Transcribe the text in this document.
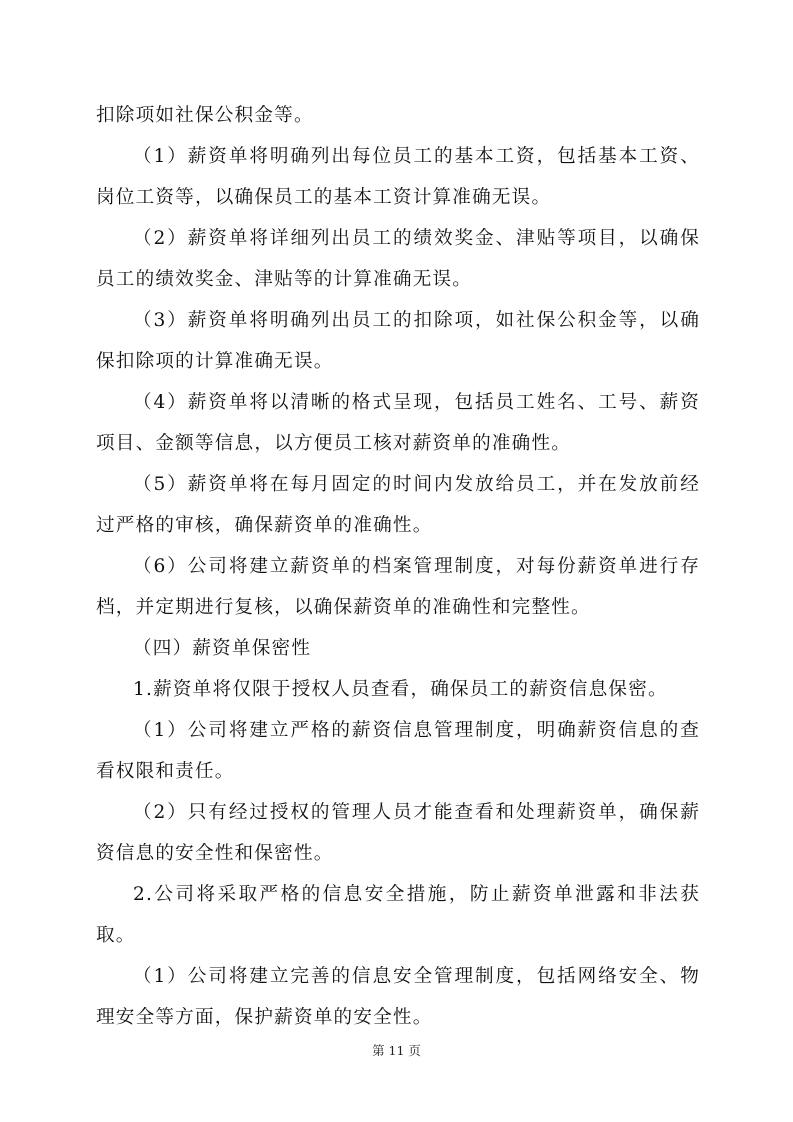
扣除项如社保公积金等。

（1）薪资单将明确列出每位员工的基本工资，包括基本工资、岗位工资等，以确保员工的基本工资计算准确无误。

（2）薪资单将详细列出员工的绩效奖金、津贴等项目，以确保员工的绩效奖金、津贴等的计算准确无误。

（3）薪资单将明确列出员工的扣除项，如社保公积金等，以确保扣除项的计算准确无误。

（4）薪资单将以清晰的格式呈现，包括员工姓名、工号、薪资项目、金额等信息，以方便员工核对薪资单的准确性。

（5）薪资单将在每月固定的时间内发放给员工，并在发放前经过严格的审核，确保薪资单的准确性。

（6）公司将建立薪资单的档案管理制度，对每份薪资单进行存档，并定期进行复核，以确保薪资单的准确性和完整性。

（四）薪资单保密性

1.薪资单将仅限于授权人员查看，确保员工的薪资信息保密。

（1）公司将建立严格的薪资信息管理制度，明确薪资信息的查看权限和责任。

（2）只有经过授权的管理人员才能查看和处理薪资单，确保薪资信息的安全性和保密性。

2.公司将采取严格的信息安全措施，防止薪资单泄露和非法获取。

（1）公司将建立完善的信息安全管理制度，包括网络安全、物理安全等方面，保护薪资单的安全性。

第 11 页
